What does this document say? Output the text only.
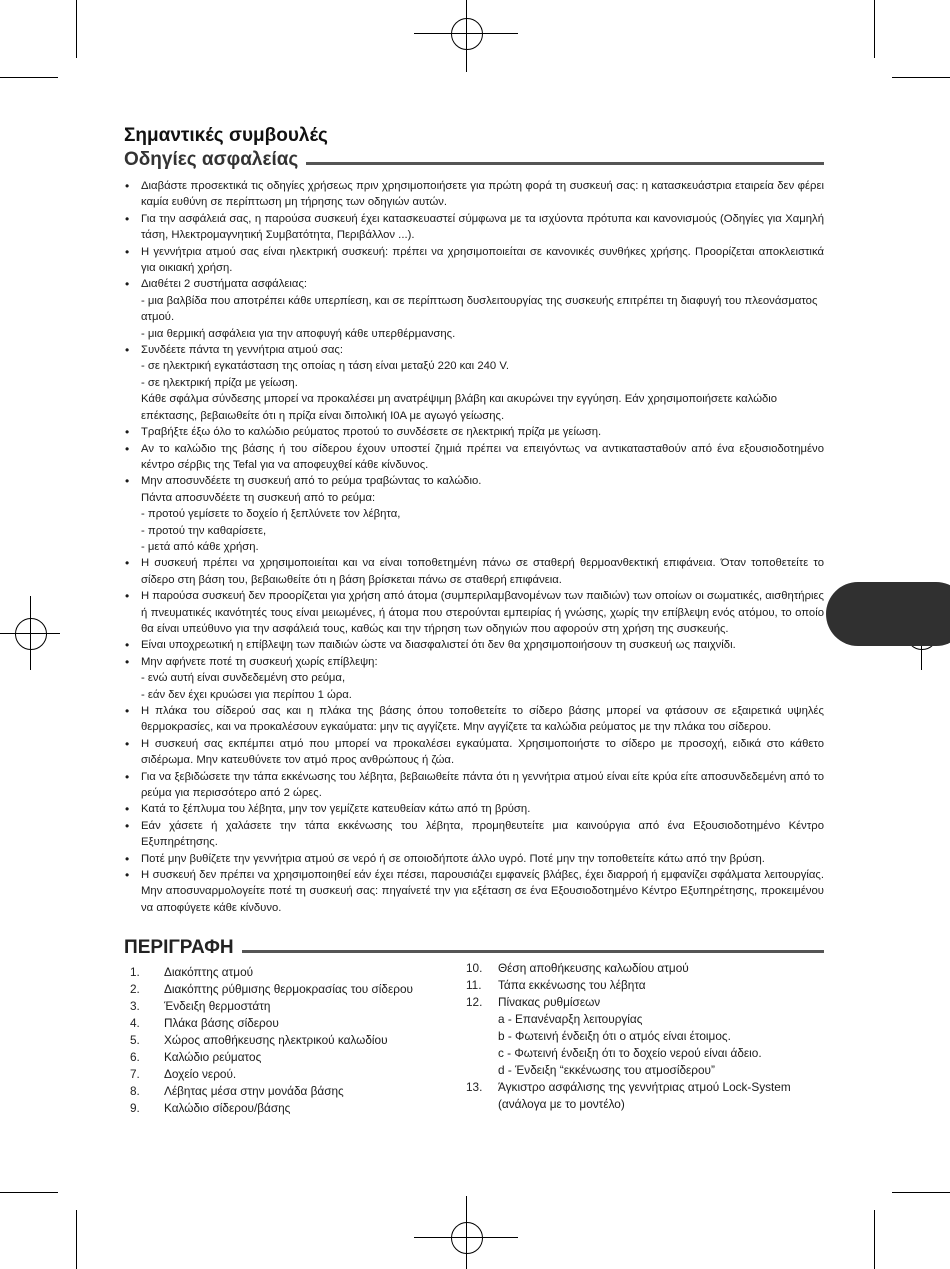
Σημαντικές συμβουλές
Οδηγίες ασφαλείας
• Διαβάστε προσεκτικά τις οδηγίες χρήσεως πριν χρησιμοποιήσετε για πρώτη φορά τη συσκευή σας: η κατασκευάστρια εταιρεία δεν φέρει καμία ευθύνη σε περίπτωση μη τήρησης των οδηγιών αυτών.
• Για την ασφάλειά σας, η παρούσα συσκευή έχει κατασκευαστεί σύμφωνα με τα ισχύοντα πρότυπα και κανονισμούς (Οδηγίες για Χαμηλή τάση, Ηλεκτρομαγνητική Συμβατότητα, Περιβάλλον ...).
• Η γεννήτρια ατμού σας είναι ηλεκτρική συσκευή: πρέπει να χρησιμοποιείται σε κανονικές συνθήκες χρήσης. Προορίζεται αποκλειστικά για οικιακή χρήση.
• Διαθέτει 2 συστήματα ασφάλειας:
- μια βαλβίδα που αποτρέπει κάθε υπερπίεση, και σε περίπτωση δυσλειτουργίας της συσκευής επιτρέπει τη διαφυγή του πλεονάσματος ατμού.
- μια θερμική ασφάλεια για την αποφυγή κάθε υπερθέρμανσης.
• Συνδέετε πάντα τη γεννήτρια ατμού σας:
- σε ηλεκτρική εγκατάσταση της οποίας η τάση είναι μεταξύ 220 και 240 V.
- σε ηλεκτρική πρίζα με γείωση.
Κάθε σφάλμα σύνδεσης μπορεί να προκαλέσει μη ανατρέψιμη βλάβη και ακυρώνει την εγγύηση. Εάν χρησιμοποιήσετε καλώδιο επέκτασης, βεβαιωθείτε ότι η πρίζα είναι διπολική I0A με αγωγό γείωσης.
• Τραβήξτε έξω όλο το καλώδιο ρεύματος προτού το συνδέσετε σε ηλεκτρική πρίζα με γείωση.
• Αν το καλώδιο της βάσης ή του σίδερου έχουν υποστεί ζημιά πρέπει να επειγόντως να αντικατασταθούν από ένα εξουσιοδοτημένο κέντρο σέρβις της Tefal για να αποφευχθεί κάθε κίνδυνος.
• Μην αποσυνδέετε τη συσκευή από το ρεύμα τραβώντας το καλώδιο.
Πάντα αποσυνδέετε τη συσκευή από το ρεύμα:
- προτού γεμίσετε το δοχείο ή ξεπλύνετε τον λέβητα,
- προτού την καθαρίσετε,
- μετά από κάθε χρήση.
• Η συσκευή πρέπει να χρησιμοποιείται και να είναι τοποθετημένη πάνω σε σταθερή θερμοανθεκτική επιφάνεια. Όταν τοποθετείτε το σίδερο στη βάση του, βεβαιωθείτε ότι η βάση βρίσκεται πάνω σε σταθερή επιφάνεια.
• Η παρούσα συσκευή δεν προορίζεται για χρήση από άτομα (συμπεριλαμβανομένων των παιδιών) των οποίων οι σωματικές, αισθητήριες ή πνευματικές ικανότητές τους είναι μειωμένες, ή άτομα που στερούνται εμπειρίας ή γνώσης, χωρίς την επίβλεψη ενός ατόμου, το οποίο θα είναι υπεύθυνο για την ασφάλειά τους, καθώς και την τήρηση των οδηγιών που αφορούν στη χρήση της συσκευής.
• Είναι υποχρεωτική η επίβλεψη των παιδιών ώστε να διασφαλιστεί ότι δεν θα χρησιμοποιήσουν τη συσκευή ως παιχνίδι.
• Μην αφήνετε ποτέ τη συσκευή χωρίς επίβλεψη:
- ενώ αυτή είναι συνδεδεμένη στο ρεύμα,
- εάν δεν έχει κρυώσει για περίπου 1 ώρα.
• Η πλάκα του σίδερού σας και η πλάκα της βάσης όπου τοποθετείτε το σίδερο βάσης μπορεί να φτάσουν σε εξαιρετικά υψηλές θερμοκρασίες, και να προκαλέσουν εγκαύματα: μην τις αγγίζετε. Μην αγγίζετε τα καλώδια ρεύματος με την πλάκα του σίδερου.
• Η συσκευή σας εκπέμπει ατμό που μπορεί να προκαλέσει εγκαύματα. Χρησιμοποιήστε το σίδερο με προσοχή, ειδικά στο κάθετο σιδέρωμα. Μην κατευθύνετε τον ατμό προς ανθρώπους ή ζώα.
• Για να ξεβιδώσετε την τάπα εκκένωσης του λέβητα, βεβαιωθείτε πάντα ότι η γεννήτρια ατμού είναι είτε κρύα είτε αποσυνδεδεμένη από το ρεύμα για περισσότερο από 2 ώρες.
• Κατά το ξέπλυμα του λέβητα, μην τον γεμίζετε κατευθείαν κάτω από τη βρύση.
• Εάν χάσετε ή χαλάσετε την τάπα εκκένωσης του λέβητα, προμηθευτείτε μια καινούργια από ένα Εξουσιοδοτημένο Κέντρο Εξυπηρέτησης.
• Ποτέ μην βυθίζετε την γεννήτρια ατμού σε νερό ή σε οποιοδήποτε άλλο υγρό. Ποτέ μην την τοποθετείτε κάτω από την βρύση.
• Η συσκευή δεν πρέπει να χρησιμοποιηθεί εάν έχει πέσει, παρουσιάζει εμφανείς βλάβες, έχει διαρροή ή εμφανίζει σφάλματα λειτουργίας. Μην αποσυναρμολογείτε ποτέ τη συσκευή σας: πηγαίνετέ την για εξέταση σε ένα Εξουσιοδοτημένο Κέντρο Εξυπηρέτησης, προκειμένου να αποφύγετε κάθε κίνδυνο.
ΠΕΡΙΓΡΑΦΗ
1.	Διακόπτης ατμού
2.	Διακόπτης ρύθμισης θερμοκρασίας του σίδερου
3.	Ένδειξη θερμοστάτη
4.	Πλάκα βάσης σίδερου
5.	Χώρος αποθήκευσης ηλεκτρικού καλωδίου
6.	Καλώδιο ρεύματος
7.	Δοχείο νερού.
8.	Λέβητας μέσα στην μονάδα βάσης
9.	Καλώδιο σίδερου/βάσης
10.	Θέση αποθήκευσης καλωδίου ατμού
11.	Τάπα εκκένωσης του λέβητα
12.	Πίνακας ρυθμίσεων
a - Επανέναρξη λειτουργίας
b - Φωτεινή ένδειξη ότι ο ατμός είναι έτοιμος.
c - Φωτεινή ένδειξη ότι το δοχείο νερού είναι άδειο.
d - Ένδειξη “εκκένωσης του ατμοσίδερου”
13.	Άγκιστρο ασφάλισης της γεννήτριας ατμού Lock-System
(ανάλογα με το μοντέλο)
